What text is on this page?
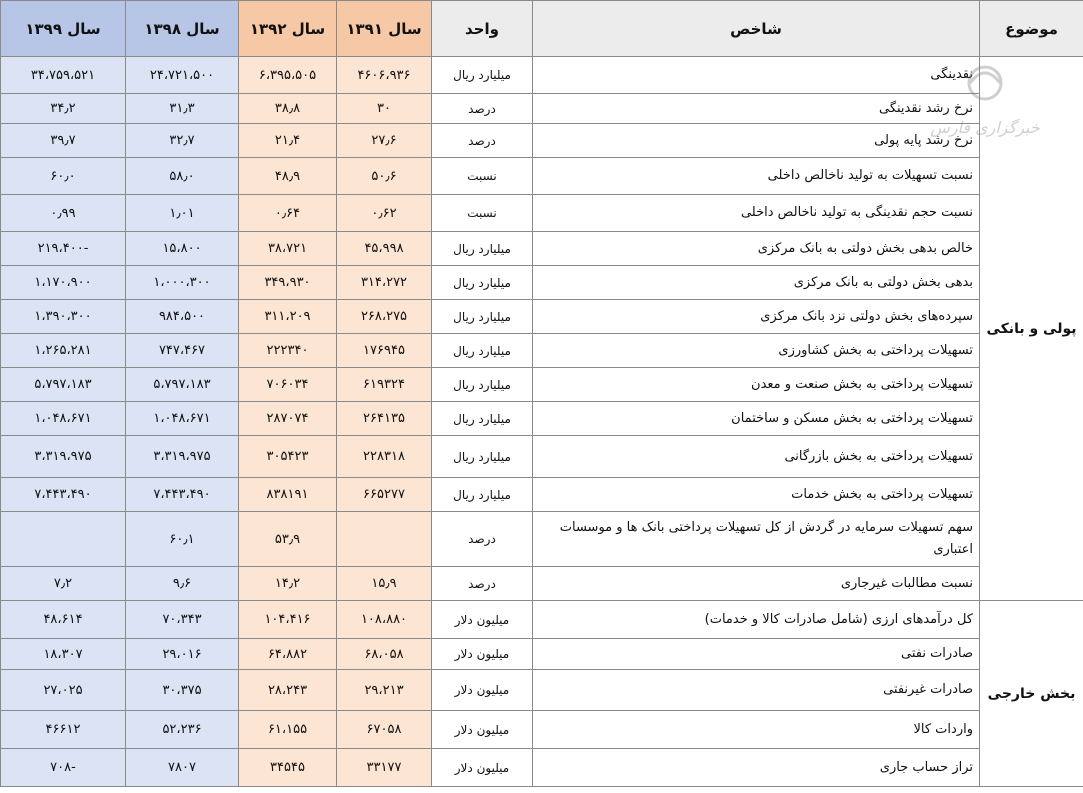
موضوع	شاخص	واحد	سال ۱۳۹۱	سال ۱۳۹۲	سال ۱۳۹۸	سال ۱۳۹۹
پولی و بانکی	نقدینگی	میلیارد ریال	۴۶۰۶،۹۳۶	۶،۳۹۵،۵۰۵	۲۴،۷۲۱،۵۰۰	۳۴،۷۵۹،۵۲۱
	نرخ رشد نقدینگی	درصد	۳۰	۳۸٫۸	۳۱٫۳	۳۴٫۲
	نرخ رشد پایه پولی	درصد	۲۷٫۶	۲۱٫۴	۳۲٫۷	۳۹٫۷
	نسبت تسهیلات به تولید ناخالص داخلی	نسبت	۵۰٫۶	۴۸٫۹	۵۸٫۰	۶۰٫۰
	نسبت حجم نقدینگی به تولید ناخالص داخلی	نسبت	۰٫۶۲	۰٫۶۴	۱٫۰۱	۰٫۹۹
	خالص بدهی بخش دولتی به بانک مرکزی	میلیارد ریال	۴۵،۹۹۸	۳۸،۷۲۱	۱۵،۸۰۰	-۲۱۹،۴۰۰
	بدهی بخش دولتی به بانک مرکزی	میلیارد ریال	۳۱۴،۲۷۲	۳۴۹،۹۳۰	۱،۰۰۰،۳۰۰	۱،۱۷۰،۹۰۰
	سپرده‌های بخش دولتی نزد بانک مرکزی	میلیارد ریال	۲۶۸،۲۷۵	۳۱۱،۲۰۹	۹۸۴،۵۰۰	۱،۳۹۰،۳۰۰
	تسهیلات پرداختی به بخش کشاورزی	میلیارد ریال	۱۷۶۹۴۵	۲۲۲۳۴۰	۷۴۷،۴۶۷	۱،۲۶۵،۲۸۱
	تسهیلات پرداختی به بخش صنعت و معدن	میلیارد ریال	۶۱۹۳۲۴	۷۰۶۰۳۴	۵،۷۹۷،۱۸۳	۵،۷۹۷،۱۸۳
	تسهیلات پرداختی به بخش مسکن و ساختمان	میلیارد ریال	۲۶۴۱۳۵	۲۸۷۰۷۴	۱،۰۴۸،۶۷۱	۱،۰۴۸،۶۷۱
	تسهیلات پرداختی به بخش بازرگانی	میلیارد ریال	۲۲۸۳۱۸	۳۰۵۴۲۳	۳،۳۱۹،۹۷۵	۳،۳۱۹،۹۷۵
	تسهیلات پرداختی به بخش خدمات	میلیارد ریال	۶۶۵۲۷۷	۸۳۸۱۹۱	۷،۴۴۳،۴۹۰	۷،۴۴۳،۴۹۰
	سهم تسهیلات سرمایه در گردش از کل تسهیلات پرداختی بانک ها و موسسات اعتباری	درصد		۵۳٫۹	۶۰٫۱	
	نسبت مطالبات غیرجاری	درصد	۱۵٫۹	۱۴٫۲	۹٫۶	۷٫۲
بخش خارجی	کل درآمدهای ارزی (شامل صادرات کالا و خدمات)	میلیون دلار	۱۰۸،۸۸۰	۱۰۴،۴۱۶	۷۰،۳۴۳	۴۸،۶۱۴
	صادرات نفتی	میلیون دلار	۶۸،۰۵۸	۶۴،۸۸۲	۲۹،۰۱۶	۱۸،۳۰۷
	صادرات غیرنفتی	میلیون دلار	۲۹،۲۱۳	۲۸،۲۴۳	۳۰،۳۷۵	۲۷،۰۲۵
	واردات کالا	میلیون دلار	۶۷۰۵۸	۶۱،۱۵۵	۵۲،۲۳۶	۴۶۶۱۲
	تراز حساب جاری	میلیون دلار	۳۳۱۷۷	۳۴۵۴۵	۷۸۰۷	-۷۰۸
خبرگزاری فارس
